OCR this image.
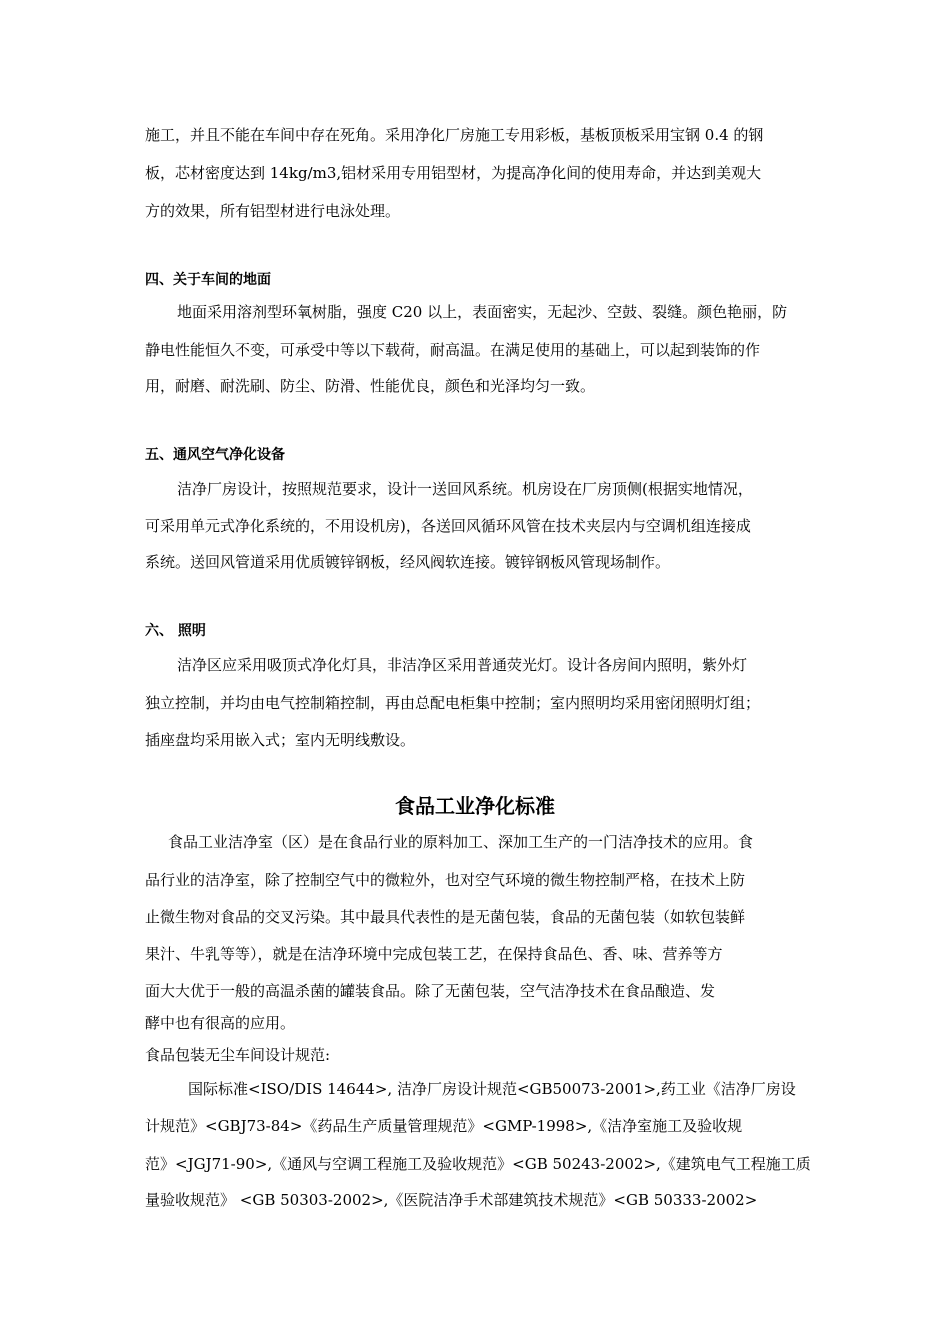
施工，并且不能在车间中存在死角。采用净化厂房施工专用彩板，基板顶板采用宝钢 0.4 的钢
板，芯材密度达到 14kg/m3,铝材采用专用铝型材，为提高净化间的使用寿命，并达到美观大
方的效果，所有铝型材进行电泳处理。
四、关于车间的地面
地面采用溶剂型环氧树脂，强度 C20 以上，表面密实，无起沙、空鼓、裂缝。颜色艳丽，防
静电性能恒久不变，可承受中等以下载荷，耐高温。在满足使用的基础上，可以起到装饰的作
用，耐磨、耐洗刷、防尘、防滑、性能优良，颜色和光泽均匀一致。
五、通风空气净化设备
洁净厂房设计，按照规范要求，设计一送回风系统。机房设在厂房顶侧(根据实地情况，
可采用单元式净化系统的，不用设机房)，各送回风循环风管在技术夹层内与空调机组连接成
系统。送回风管道采用优质镀锌钢板，经风阀软连接。镀锌钢板风管现场制作。
六、 照明
洁净区应采用吸顶式净化灯具，非洁净区采用普通荧光灯。设计各房间内照明，紫外灯
独立控制，并均由电气控制箱控制，再由总配电柜集中控制；室内照明均采用密闭照明灯组；
插座盘均采用嵌入式；室内无明线敷设。
食品工业净化标准
食品工业洁净室（区）是在食品行业的原料加工、深加工生产的一门洁净技术的应用。食
品行业的洁净室，除了控制空气中的微粒外，也对空气环境的微生物控制严格，在技术上防
止微生物对食品的交叉污染。其中最具代表性的是无菌包装，食品的无菌包装（如软包装鲜
果汁、牛乳等等），就是在洁净环境中完成包装工艺，在保持食品色、香、味、营养等方
面大大优于一般的高温杀菌的罐装食品。除了无菌包装，空气洁净技术在食品酿造、发
酵中也有很高的应用。
食品包装无尘车间设计规范:
国际标准<ISO/DIS 14644>, 洁净厂房设计规范<GB50073-2001>,药工业《洁净厂房设
计规范》<GBJ73-84>《药品生产质量管理规范》<GMP-1998>,《洁净室施工及验收规
范》<JGJ71-90>,《通风与空调工程施工及验收规范》<GB 50243-2002>,《建筑电气工程施工质
量验收规范》 <GB 50303-2002>,《医院洁净手术部建筑技术规范》<GB 50333-2002>
